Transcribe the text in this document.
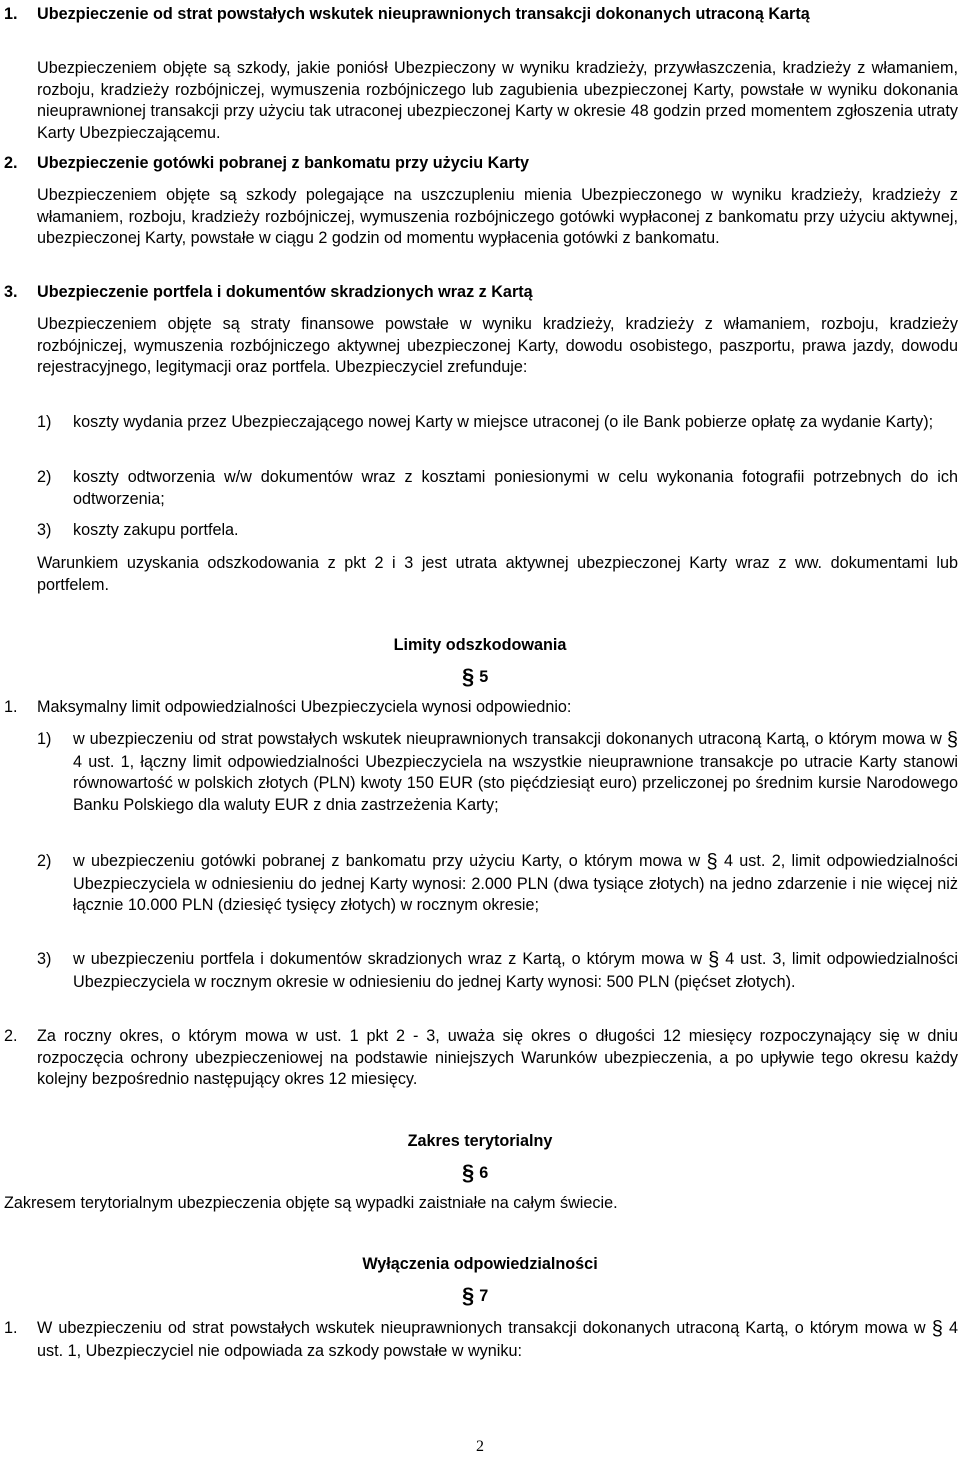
1. Ubezpieczenie od strat powstałych wskutek nieuprawnionych transakcji dokonanych utraconą Kartą
Ubezpieczeniem objęte są szkody, jakie poniósł Ubezpieczony w wyniku kradzieży, przywłaszczenia, kradzieży z włamaniem, rozboju, kradzieży rozbójniczej, wymuszenia rozbójniczego lub zagubienia ubezpieczonej Karty, powstałe w wyniku dokonania nieuprawnionej transakcji przy użyciu tak utraconej ubezpieczonej Karty w okresie 48 godzin przed momentem zgłoszenia utraty Karty Ubezpieczającemu.
2. Ubezpieczenie gotówki pobranej z bankomatu przy użyciu Karty
Ubezpieczeniem objęte są szkody polegające na uszczupleniu mienia Ubezpieczonego w wyniku kradzieży, kradzieży z włamaniem, rozboju, kradzieży rozbójniczej, wymuszenia rozbójniczego gotówki wypłaconej z bankomatu przy użyciu aktywnej, ubezpieczonej Karty, powstałe w ciągu 2 godzin od momentu wypłacenia gotówki z bankomatu.
3. Ubezpieczenie portfela i dokumentów skradzionych wraz z Kartą
Ubezpieczeniem objęte są straty finansowe powstałe w wyniku kradzieży, kradzieży z włamaniem, rozboju, kradzieży rozbójniczej, wymuszenia rozbójniczego aktywnej ubezpieczonej Karty, dowodu osobistego, paszportu, prawa jazdy, dowodu rejestracyjnego, legitymacji oraz portfela. Ubezpieczyciel zrefunduje:
1) koszty wydania przez Ubezpieczającego nowej Karty w miejsce utraconej (o ile Bank pobierze opłatę za wydanie Karty);
2) koszty odtworzenia w/w dokumentów wraz z kosztami poniesionymi w celu wykonania fotografii potrzebnych do ich odtworzenia;
3) koszty zakupu portfela.
Warunkiem uzyskania odszkodowania z pkt 2 i 3 jest utrata aktywnej ubezpieczonej Karty wraz z ww. dokumentami lub portfelem.
Limity odszkodowania
§ 5
1. Maksymalny limit odpowiedzialności Ubezpieczyciela wynosi odpowiednio:
1) w ubezpieczeniu od strat powstałych wskutek nieuprawnionych transakcji dokonanych utraconą Kartą, o którym mowa w § 4 ust. 1, łączny limit odpowiedzialności Ubezpieczyciela na wszystkie nieuprawnione transakcje po utracie Karty stanowi równowartość w polskich złotych (PLN) kwoty 150 EUR (sto pięćdziesiąt euro) przeliczonej po średnim kursie Narodowego Banku Polskiego dla waluty EUR z dnia zastrzeżenia Karty;
2) w ubezpieczeniu gotówki pobranej z bankomatu przy użyciu Karty, o którym mowa w § 4 ust. 2, limit odpowiedzialności Ubezpieczyciela w odniesieniu do jednej Karty wynosi: 2.000 PLN (dwa tysiące złotych) na jedno zdarzenie i nie więcej niż łącznie 10.000 PLN (dziesięć tysięcy złotych) w rocznym okresie;
3) w ubezpieczeniu portfela i dokumentów skradzionych wraz z Kartą, o którym mowa w § 4 ust. 3, limit odpowiedzialności Ubezpieczyciela w rocznym okresie w odniesieniu do jednej Karty wynosi: 500 PLN (pięćset złotych).
2. Za roczny okres, o którym mowa w ust. 1 pkt 2 - 3, uważa się okres o długości 12 miesięcy rozpoczynający się w dniu rozpoczęcia ochrony ubezpieczeniowej na podstawie niniejszych Warunków ubezpieczenia, a po upływie tego okresu każdy kolejny bezpośrednio następujący okres 12 miesięcy.
Zakres terytorialny
§ 6
Zakresem terytorialnym ubezpieczenia objęte są wypadki zaistniałe na całym świecie.
Wyłączenia odpowiedzialności
§ 7
1. W ubezpieczeniu od strat powstałych wskutek nieuprawnionych transakcji dokonanych utraconą Kartą, o którym mowa w § 4 ust. 1, Ubezpieczyciel nie odpowiada za szkody powstałe w wyniku:
2
